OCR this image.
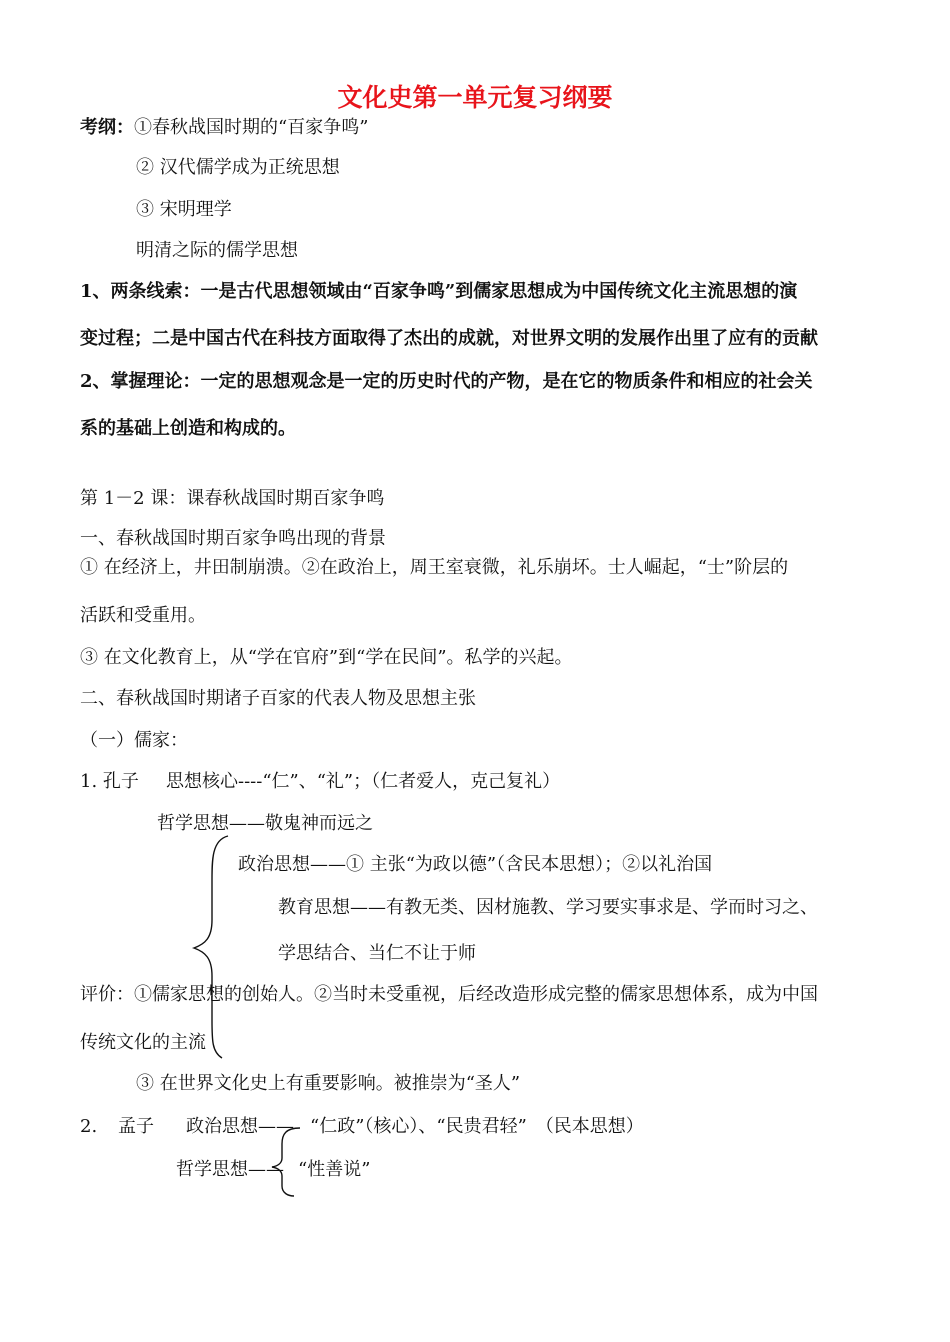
文化史第一单元复习纲要
考纲： ①春秋战国时期的“百家争鸣”
② 汉代儒学成为正统思想
③ 宋明理学
明清之际的儒学思想
1、两条线索：一是古代思想领域由“百家争鸣”到儒家思想成为中国传统文化主流思想的演
变过程；二是中国古代在科技方面取得了杰出的成就，对世界文明的发展作出里了应有的贡献
2、掌握理论：一定的思想观念是一定的历史时代的产物，是在它的物质条件和相应的社会关
系的基础上创造和构成的。
第 1－2 课：课春秋战国时期百家争鸣
一、春秋战国时期百家争鸣出现的背景
① 在经济上，井田制崩溃。②在政治上，周王室衰微，礼乐崩坏。士人崛起，“士”阶层的
活跃和受重用。
③ 在文化教育上，从“学在官府”到“学在民间”。私学的兴起。
二、春秋战国时期诸子百家的代表人物及思想主张
（一）儒家：
1. 孔子 思想核心----“仁”、“礼”；（仁者爱人，克己复礼）
哲学思想——敬鬼神而远之
政治思想——① 主张“为政以德”（含民本思想）；②以礼治国
教育思想——有教无类、因材施教、学习要实事求是、学而时习之、
学思结合、当仁不让于师
评价：①儒家思想的创始人。②当时未受重视，后经改造形成完整的儒家思想体系，成为中国
传统文化的主流
③ 在世界文化史上有重要影响。被推崇为“圣人”
2. 孟子 政治思想—— “仁政”（核心）、“民贵君轻”　（民本思想）
哲学思想—— “性善说”
